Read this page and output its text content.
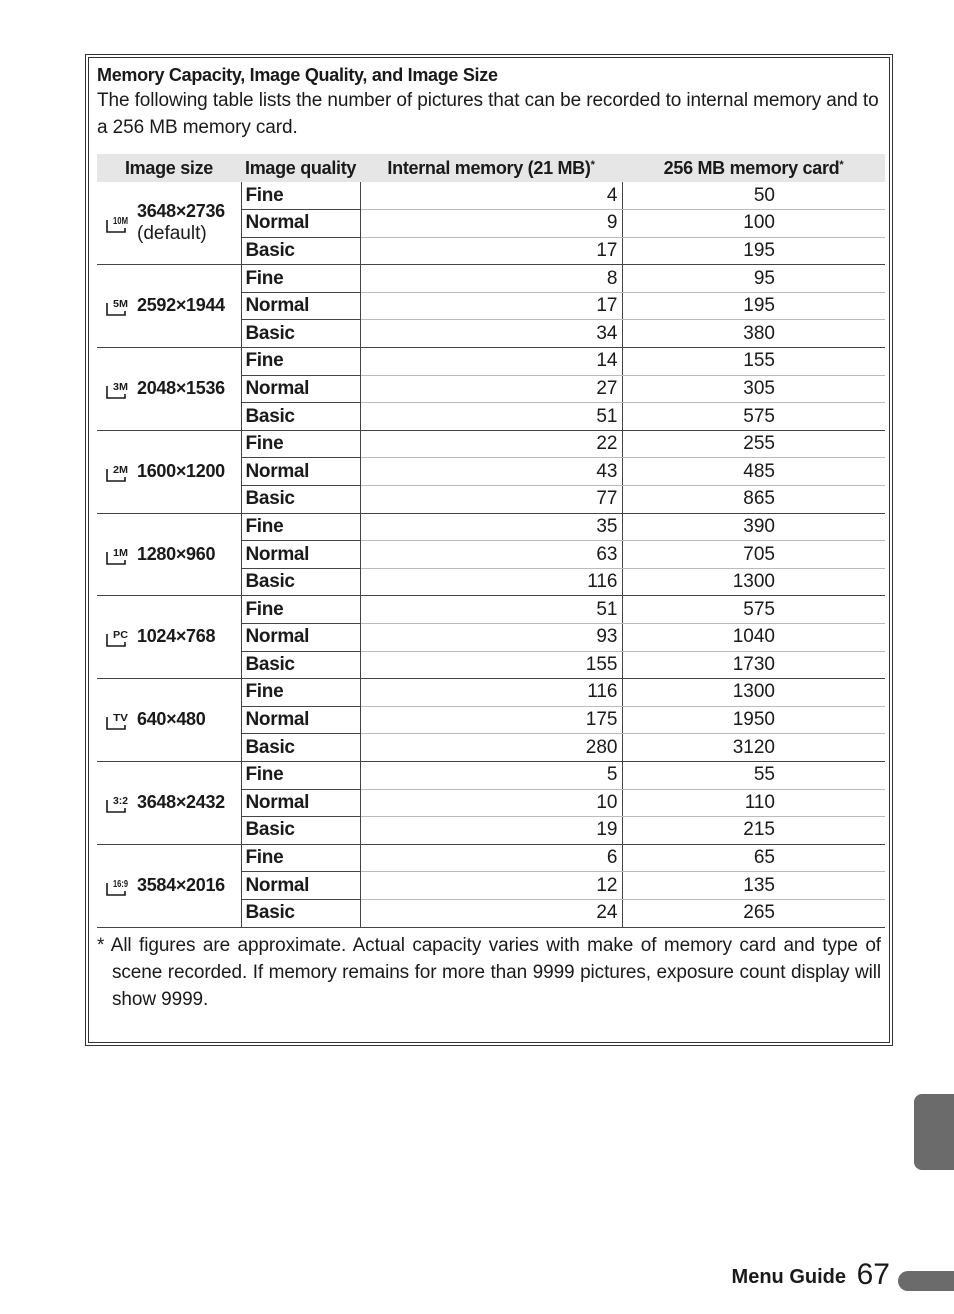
Memory Capacity, Image Quality, and Image Size
The following table lists the number of pictures that can be recorded to internal memory and to a 256 MB memory card.
Image size	Image quality	Internal memory (21 MB)*	256 MB memory card*

10M
3648×2736
(default)	Fine	4	50
	Normal	9	100
	Basic	17	195

5M 2592×1944	Fine	8	95
	Normal	17	195
	Basic	34	380

3M 2048×1536	Fine	14	155
	Normal	27	305
	Basic	51	575

2M 1600×1200	Fine	22	255
	Normal	43	485
	Basic	77	865

1M 1280×960	Fine	35	390
	Normal	63	705
	Basic	116	1300

PC 1024×768	Fine	51	575
	Normal	93	1040
	Basic	155	1730

TV 640×480	Fine	116	1300
	Normal	175	1950
	Basic	280	3120

3:2 3648×2432	Fine	5	55
	Normal	10	110
	Basic	19	215

16:9 3584×2016	Fine	6	65
	Normal	12	135
	Basic	24	265
* All figures are approximate. Actual capacity varies with make of memory card and type of scene recorded. If memory remains for more than 9999 pictures, exposure count display will show 9999.
Menu Guide 67
